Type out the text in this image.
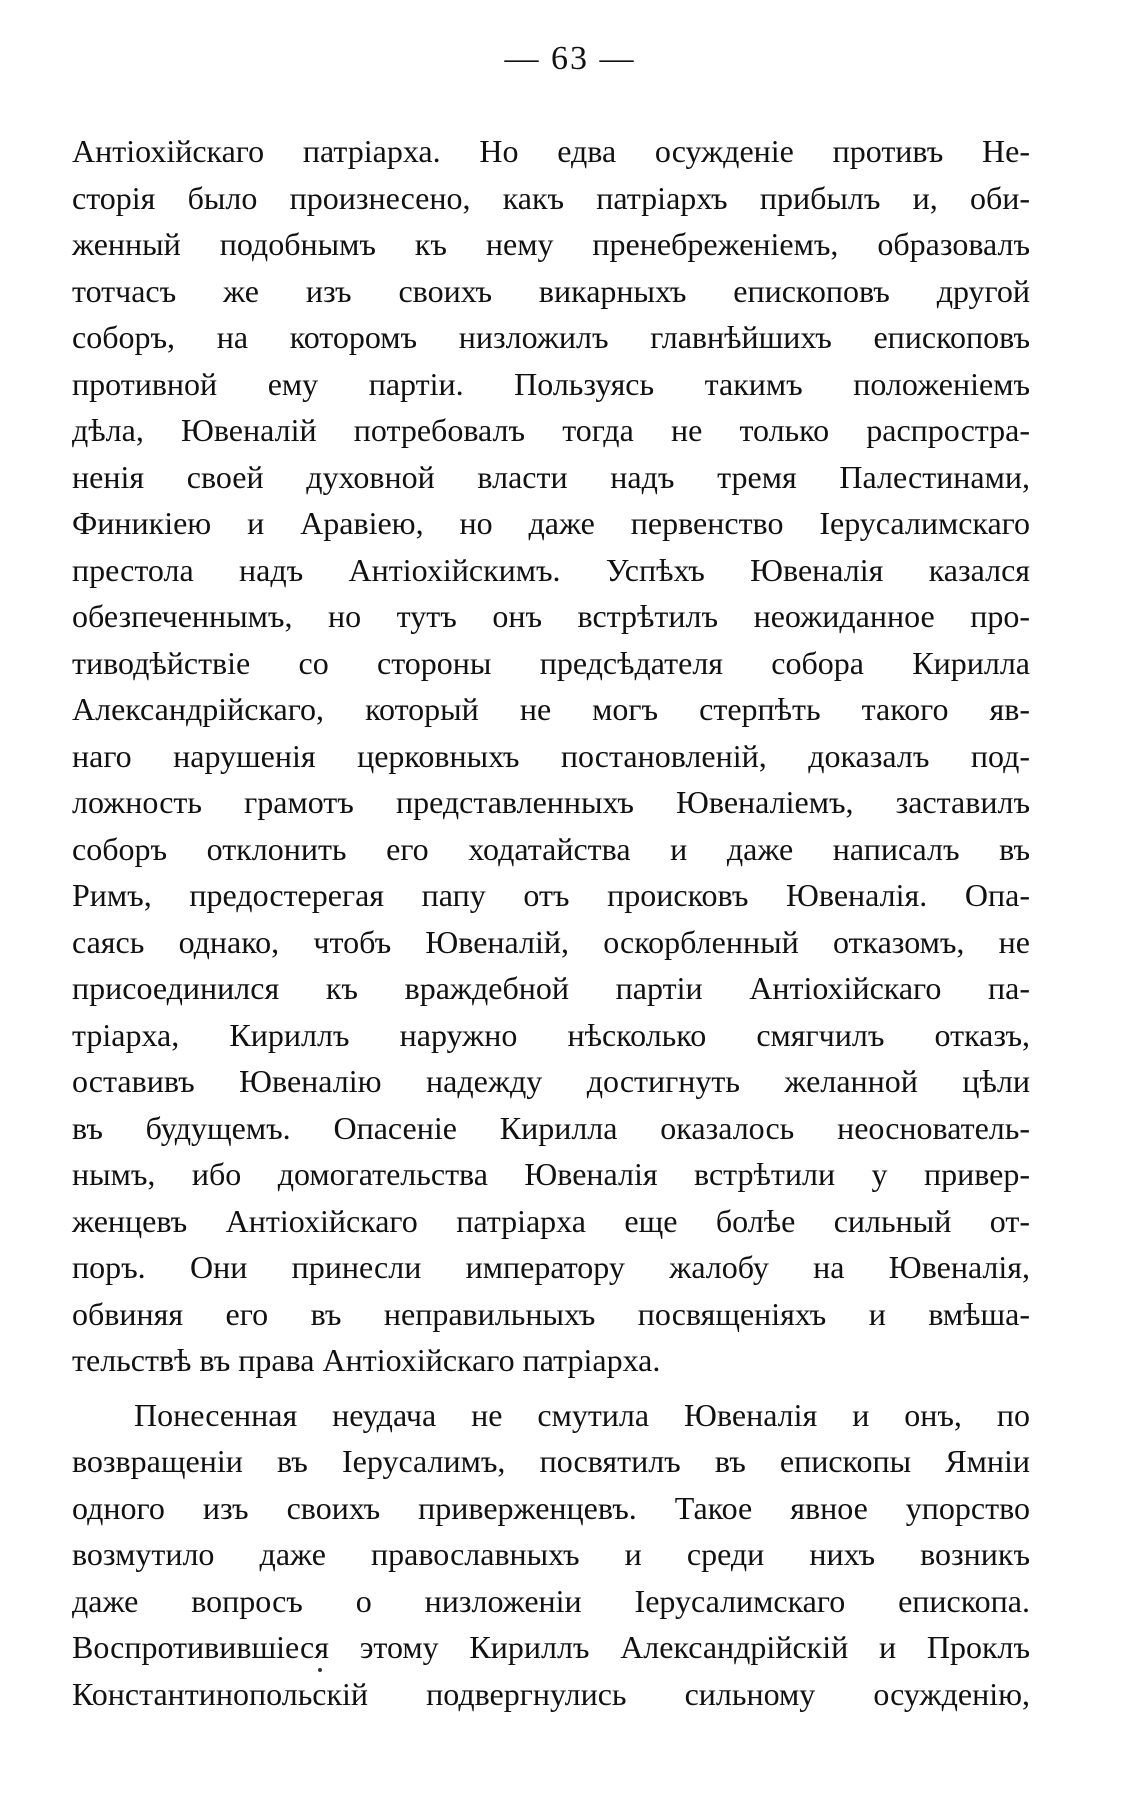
— 63 —
Антіохійскаго патріарха. Но едва осужденіе противъ Не-
сторія было произнесено, какъ патріархъ прибылъ и, оби-
женный подобнымъ къ нему пренебреженіемъ, образовалъ
тотчасъ же изъ своихъ викарныхъ епископовъ другой
соборъ, на которомъ низложилъ главнѣйшихъ епископовъ
противной ему партіи. Пользуясь такимъ положеніемъ
дѣла, Ювеналій потребовалъ тогда не только распростра-
ненія своей духовной власти надъ тремя Палестинами,
Финикіею и Аравіею, но даже первенство Іерусалимскаго
престола надъ Антіохійскимъ. Успѣхъ Ювеналія казался
обезпеченнымъ, но тутъ онъ встрѣтилъ неожиданное про-
тиводѣйствіе со стороны предсѣдателя собора Кирилла
Александрійскаго, который не могъ стерпѣть такого яв-
наго нарушенія церковныхъ постановленій, доказалъ под-
ложность грамотъ представленныхъ Ювеналіемъ, заставилъ
соборъ отклонить его ходатайства и даже написалъ въ
Римъ, предостерегая папу отъ происковъ Ювеналія. Опа-
саясь однако, чтобъ Ювеналій, оскорбленный отказомъ, не
присоединился къ враждебной партіи Антіохійскаго па-
тріарха, Кириллъ наружно нѣсколько смягчилъ отказъ,
оставивъ Ювеналію надежду достигнуть желанной цѣли
въ будущемъ. Опасеніе Кирилла оказалось неоснователь-
нымъ, ибо домогательства Ювеналія встрѣтили у привер-
женцевъ Антіохійскаго патріарха еще болѣе сильный от-
поръ. Они принесли императору жалобу на Ювеналія,
обвиняя его въ неправильныхъ посвященіяхъ и вмѣша-
тельствѣ въ права Антіохійскаго патріарха.
Понесенная неудача не смутила Ювеналія и онъ, по
возвращеніи въ Іерусалимъ, посвятилъ въ епископы Ямніи
одного изъ своихъ приверженцевъ. Такое явное упорство
возмутило даже православныхъ и среди нихъ возникъ
даже вопросъ о низложеніи Іерусалимскаго епископа.
Воспротивившіеся этому Кириллъ Александрійскій и Проклъ
Константинопольскій подвергнулись сильному осужденію,
